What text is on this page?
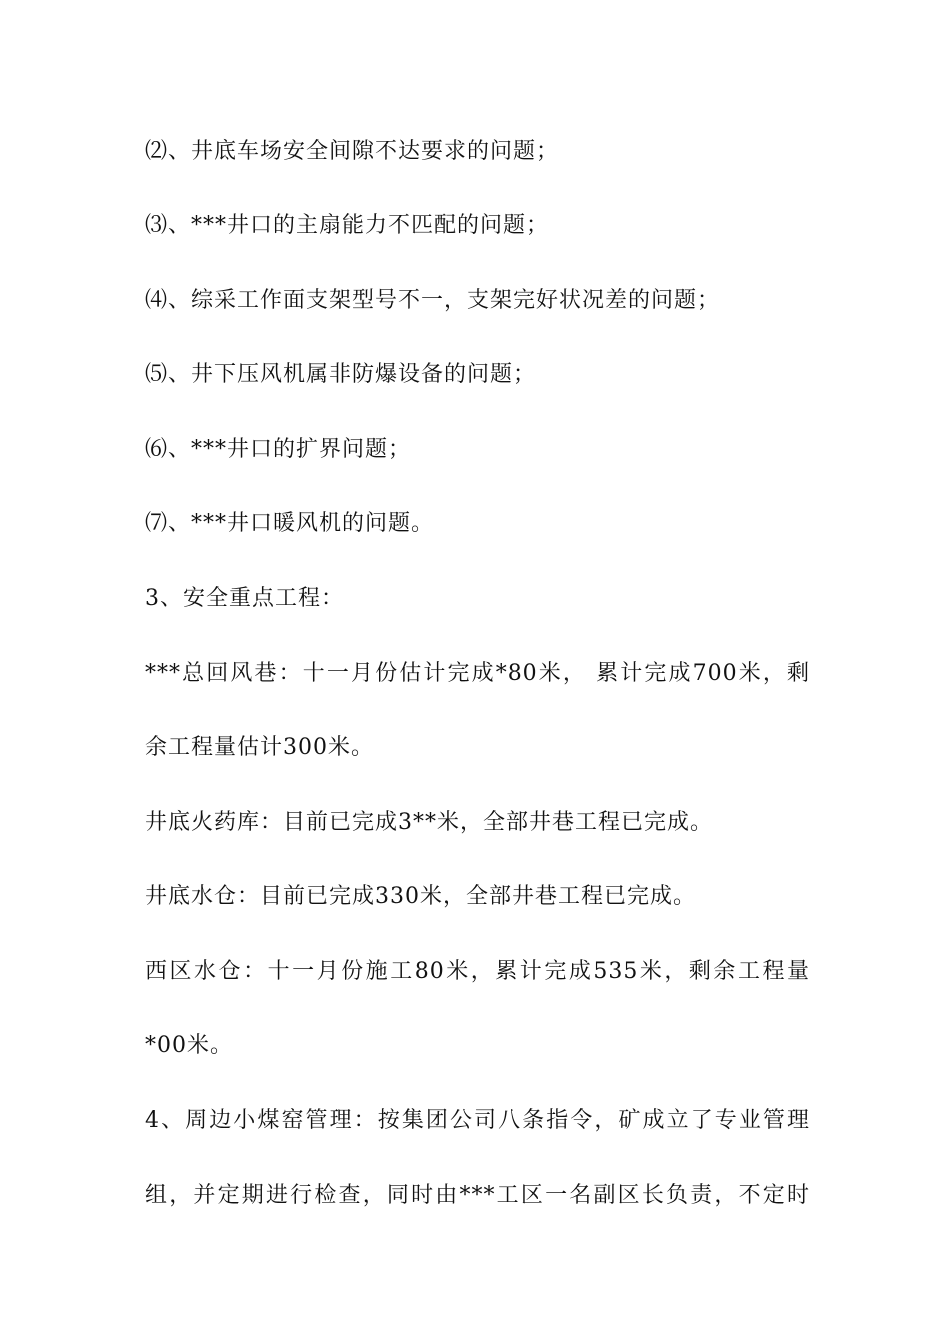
⑵、井底车场安全间隙不达要求的问题；
⑶、***井口的主扇能力不匹配的问题；
⑷、综采工作面支架型号不一，支架完好状况差的问题；
⑸、井下压风机属非防爆设备的问题；
⑹、***井口的扩界问题；
⑺、***井口暖风机的问题。
3、安全重点工程：
***总回风巷：十一月份估计完成*80米， 累计完成700米，剩
余工程量估计300米。
井底火药库：目前已完成3**米，全部井巷工程已完成。
井底水仓：目前已完成330米，全部井巷工程已完成。
西区水仓：十一月份施工80米，累计完成535米，剩余工程量
*00米。
4、周边小煤窑管理：按集团公司八条指令，矿成立了专业管理
组，并定期进行检查，同时由***工区一名副区长负责，不定时
